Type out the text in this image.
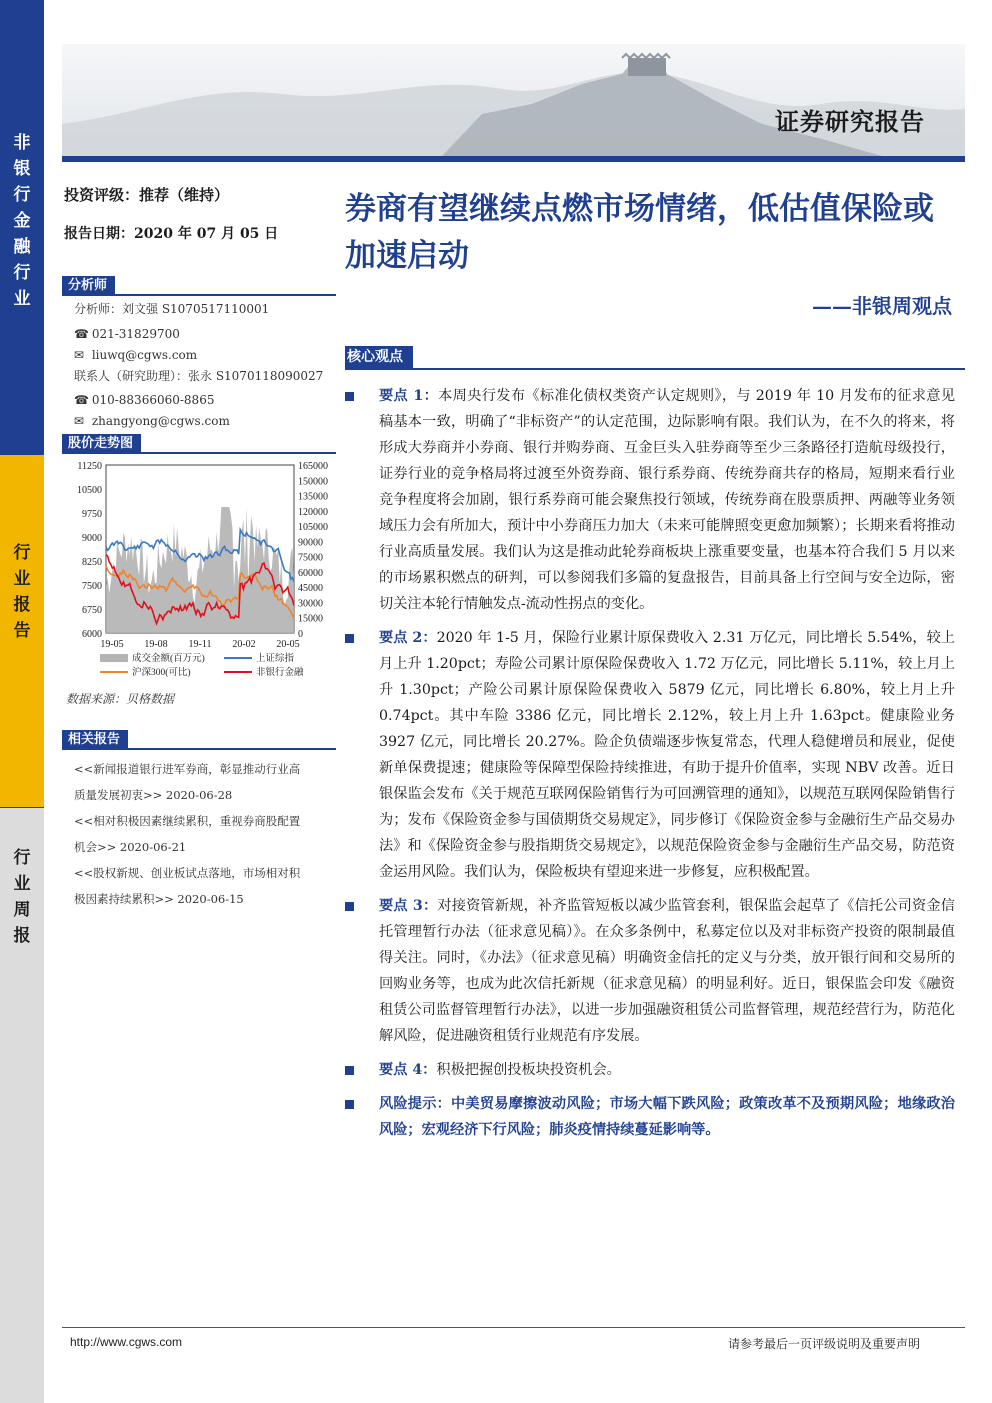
非
银
行
金
融
行
业
行
业
报
告
行
业
周
报
证券研究报告
投资评级：推荐（维持）
报告日期：2020 年 07 月 05 日
分析师
分析师：刘文强 S1070517110001
☎ 021-31829700
✉ liuwq@cgws.com
联系人（研究助理）：张永 S1070118090027
☎ 010-88366060-8865
✉ zhangyong@cgws.com
股价走势图
11250
10500
9750
9000
8250
7500
6750
6000
165000
150000
135000
120000
105000
90000
75000
60000
45000
30000
15000
0
19-05 19-08 19-11 20-02 20-05
成交金额(百万元)	上证综指
沪深300(可比)	非银行金融
数据来源：贝格数据
相关报告
<<新闻报道银行进军券商，彰显推动行业高
质量发展初衷>> 2020-06-28
<<相对积极因素继续累积，重视券商股配置
机会>> 2020-06-21
<<股权新规、创业板试点落地，市场相对积
极因素持续累积>> 2020-06-15
券商有望继续点燃市场情绪，低估值保险或加速启动
——非银周观点
核心观点
要点 1：本周央行发布《标准化债权类资产认定规则》，与 2019 年 10 月发布的征求意见稿基本一致，明确了“非标资产”的认定范围，边际影响有限。我们认为，在不久的将来，将形成大券商并小券商、银行并购券商、互金巨头入驻券商等至少三条路径打造航母级投行，证券行业的竞争格局将过渡至外资券商、银行系券商、传统券商共存的格局，短期来看行业竞争程度将会加剧，银行系券商可能会聚焦投行领域，传统券商在股票质押、两融等业务领域压力会有所加大，预计中小券商压力加大（未来可能牌照变更愈加频繁）；长期来看将推动行业高质量发展。我们认为这是推动此轮券商板块上涨重要变量，也基本符合我们 5 月以来的市场累积燃点的研判，可以参阅我们多篇的复盘报告，目前具备上行空间与安全边际，密切关注本轮行情触发点-流动性拐点的变化。
要点 2：2020 年 1-5 月，保险行业累计原保费收入 2.31 万亿元，同比增长 5.54%，较上月上升 1.20pct；寿险公司累计原保险保费收入 1.72 万亿元，同比增长 5.11%，较上月上升 1.30pct；产险公司累计原保险保费收入 5879 亿元，同比增长 6.80%，较上月上升 0.74pct。其中车险 3386 亿元，同比增长 2.12%，较上月上升 1.63pct。健康险业务 3927 亿元，同比增长 20.27%。险企负债端逐步恢复常态，代理人稳健增员和展业，促使新单保费提速；健康险等保障型保险持续推进，有助于提升价值率，实现 NBV 改善。近日银保监会发布《关于规范互联网保险销售行为可回溯管理的通知》，以规范互联网保险销售行为；发布《保险资金参与国债期货交易规定》，同步修订《保险资金参与金融衍生产品交易办法》和《保险资金参与股指期货交易规定》，以规范保险资金参与金融衍生产品交易，防范资金运用风险。我们认为，保险板块有望迎来进一步修复，应积极配置。
要点 3：对接资管新规，补齐监管短板以减少监管套利，银保监会起草了《信托公司资金信托管理暂行办法（征求意见稿）》。在众多条例中，私募定位以及对非标资产投资的限制最值得关注。同时，《办法》（征求意见稿）明确资金信托的定义与分类，放开银行间和交易所的回购业务等，也成为此次信托新规（征求意见稿）的明显利好。近日，银保监会印发《融资租赁公司监督管理暂行办法》，以进一步加强融资租赁公司监督管理，规范经营行为，防范化解风险，促进融资租赁行业规范有序发展。
要点 4：积极把握创投板块投资机会。
风险提示：中美贸易摩擦波动风险；市场大幅下跌风险；政策改革不及预期风险；地缘政治风险；宏观经济下行风险；肺炎疫情持续蔓延影响等。
http://www.cgws.com	请参考最后一页评级说明及重要声明
